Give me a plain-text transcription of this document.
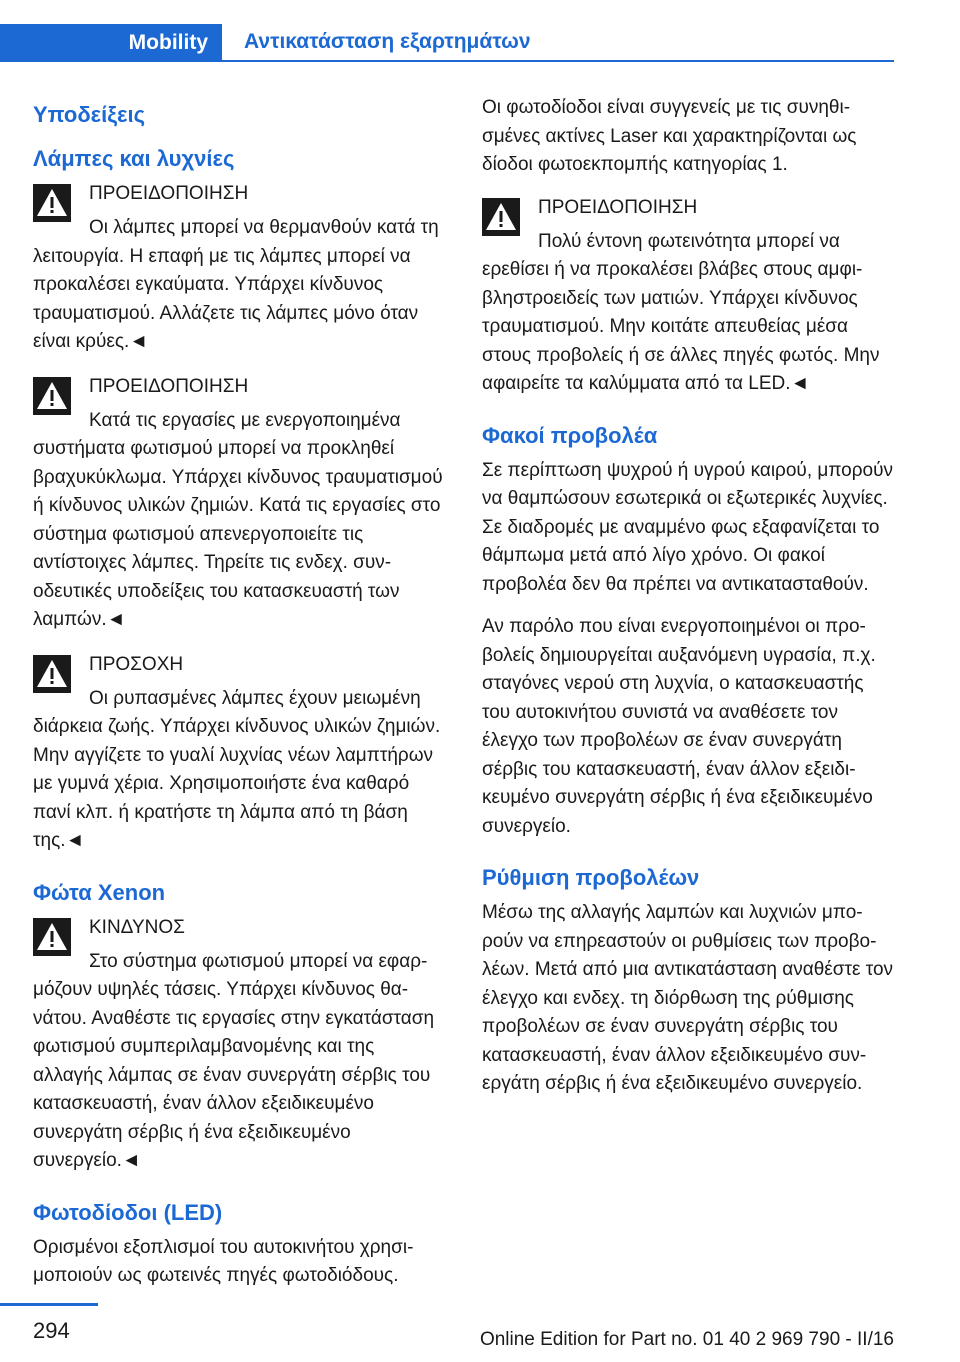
Mobility Αντικατάσταση εξαρτημάτων
Υποδείξεις
Λάμπες και λυχνίες
ΠΡΟΕΙΔΟΠΟΙΗΣΗ
Οι λάμπες μπορεί να θερμανθούν κατά τη λειτουργία. Η επαφή με τις λάμπες μπορεί να προκαλέσει εγκαύματα. Υπάρχει κίνδυνος τραυματισμού. Αλλάζετε τις λάμπες μόνο όταν είναι κρύες.◄
ΠΡΟΕΙΔΟΠΟΙΗΣΗ
Κατά τις εργασίες με ενεργοποιημένα συστήματα φωτισμού μπορεί να προκληθεί βραχυκύκλωμα. Υπάρχει κίνδυνος τραυματισμού ή κίνδυνος υλικών ζημιών. Κατά τις εργασίες στο σύστημα φωτισμού απενεργοποιείτε τις αντίστοιχες λάμπες. Τηρείτε τις ενδεχ. συνοδευτικές υποδείξεις του κατασκευαστή των λαμπών.◄
ΠΡΟΣΟΧΗ
Οι ρυπασμένες λάμπες έχουν μειωμένη διάρκεια ζωής. Υπάρχει κίνδυνος υλικών ζημιών. Μην αγγίζετε το γυαλί λυχνίας νέων λαμπτήρων με γυμνά χέρια. Χρησιμοποιήστε ένα καθαρό πανί κλπ. ή κρατήστε τη λάμπα από τη βάση της.◄
Φώτα Xenon
ΚΙΝΔΥΝΟΣ
Στο σύστημα φωτισμού μπορεί να εφαρμόζουν υψηλές τάσεις. Υπάρχει κίνδυνος θανάτου. Αναθέστε τις εργασίες στην εγκατάσταση φωτισμού συμπεριλαμβανομένης και της αλλαγής λάμπας σε έναν συνεργάτη σέρβις του κατασκευαστή, έναν άλλον εξειδικευμένο συνεργάτη σέρβις ή ένα εξειδικευμένο συνεργείο.◄
Φωτοδίοδοι (LED)

Ορισμένοι εξοπλισμοί του αυτοκινήτου χρησιμοποιούν ως φωτεινές πηγές φωτοδιόδους.

Οι φωτοδίοδοι είναι συγγενείς με τις συνηθισμένες ακτίνες Laser και χαρακτηρίζονται ως δίοδοι φωτοεκπομπής κατηγορίας 1.

ΠΡΟΕΙΔΟΠΟΙΗΣΗ
Πολύ έντονη φωτεινότητα μπορεί να ερεθίσει ή να προκαλέσει βλάβες στους αμφιβληστροειδείς των ματιών. Υπάρχει κίνδυνος τραυματισμού. Μην κοιτάτε απευθείας μέσα στους προβολείς ή σε άλλες πηγές φωτός. Μην αφαιρείτε τα καλύμματα από τα LED.◄
Φακοί προβολέα

Σε περίπτωση ψυχρού ή υγρού καιρού, μπορούν να θαμπώσουν εσωτερικά οι εξωτερικές λυχνίες. Σε διαδρομές με αναμμένο φως εξαφανίζεται το θάμπωμα μετά από λίγο χρόνο. Οι φακοί προβολέα δεν θα πρέπει να αντικατασταθούν.

Αν παρόλο που είναι ενεργοποιημένοι οι προβολείς δημιουργείται αυξανόμενη υγρασία, π.χ. σταγόνες νερού στη λυχνία, ο κατασκευαστής του αυτοκινήτου συνιστά να αναθέσετε τον έλεγχο των προβολέων σε έναν συνεργάτη σέρβις του κατασκευαστή, έναν άλλον εξειδικευμένο συνεργάτη σέρβις ή ένα εξειδικευμένο συνεργείο.

Ρύθμιση προβολέων

Μέσω της αλλαγής λαμπών και λυχνιών μπορούν να επηρεαστούν οι ρυθμίσεις των προβολέων. Μετά από μια αντικατάσταση αναθέστε τον έλεγχο και ενδεχ. τη διόρθωση της ρύθμισης προβολέων σε έναν συνεργάτη σέρβις του κατασκευαστή, έναν άλλον εξειδικευμένο συνεργάτη σέρβις ή ένα εξειδικευμένο συνεργείο.

294	Online Edition for Part no. 01 40 2 969 790 - II/16
